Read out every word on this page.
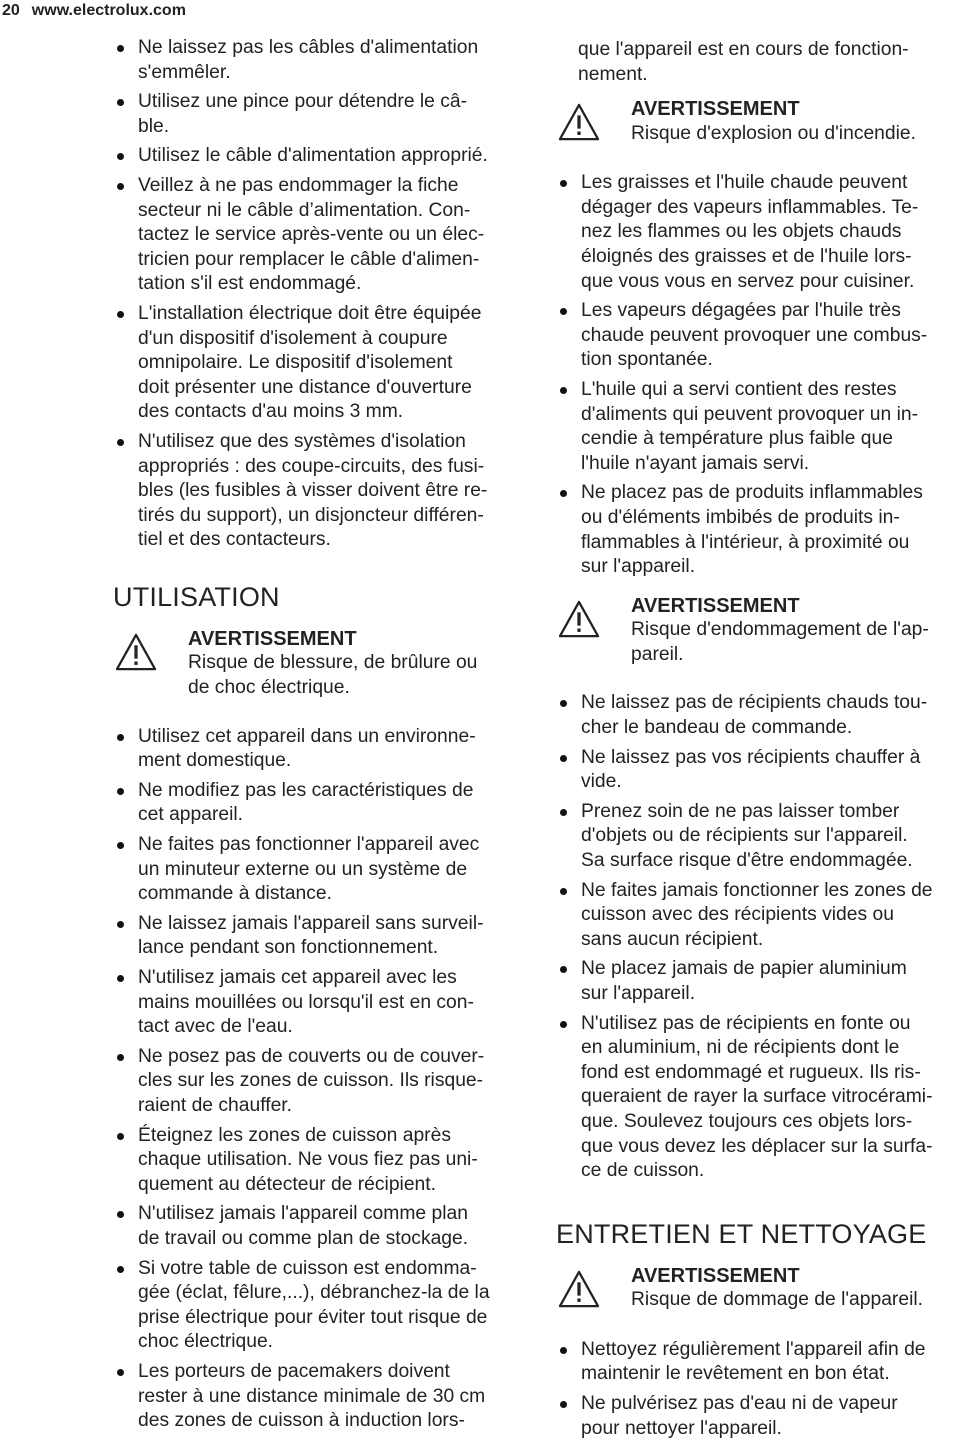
20 www.electrolux.com
Ne laissez pas les câbles d'alimentation
s'emmêler.
Utilisez une pince pour détendre le câ-
ble.
Utilisez le câble d'alimentation approprié.
Veillez à ne pas endommager la fiche
secteur ni le câble d’alimentation. Con-
tactez le service après-vente ou un élec-
tricien pour remplacer le câble d'alimen-
tation s'il est endommagé.
L'installation électrique doit être équipée
d'un dispositif d'isolement à coupure
omnipolaire. Le dispositif d'isolement
doit présenter une distance d'ouverture
des contacts d'au moins 3 mm.
N'utilisez que des systèmes d'isolation
appropriés : des coupe-circuits, des fusi-
bles (les fusibles à visser doivent être re-
tirés du support), un disjoncteur différen-
tiel et des contacteurs.
UTILISATION
AVERTISSEMENT
Risque de blessure, de brûlure ou
de choc électrique.
Utilisez cet appareil dans un environne-
ment domestique.
Ne modifiez pas les caractéristiques de
cet appareil.
Ne faites pas fonctionner l'appareil avec
un minuteur externe ou un système de
commande à distance.
Ne laissez jamais l'appareil sans surveil-
lance pendant son fonctionnement.
N'utilisez jamais cet appareil avec les
mains mouillées ou lorsqu'il est en con-
tact avec de l'eau.
Ne posez pas de couverts ou de couver-
cles sur les zones de cuisson. Ils risque-
raient de chauffer.
Éteignez les zones de cuisson après
chaque utilisation. Ne vous fiez pas uni-
quement au détecteur de récipient.
N'utilisez jamais l'appareil comme plan
de travail ou comme plan de stockage.
Si votre table de cuisson est endomma-
gée (éclat, fêlure,...), débranchez-la de la
prise électrique pour éviter tout risque de
choc électrique.
Les porteurs de pacemakers doivent
rester à une distance minimale de 30 cm
des zones de cuisson à induction lors-
que l'appareil est en cours de fonction-
nement.
AVERTISSEMENT
Risque d'explosion ou d'incendie.
Les graisses et l'huile chaude peuvent
dégager des vapeurs inflammables. Te-
nez les flammes ou les objets chauds
éloignés des graisses et de l'huile lors-
que vous vous en servez pour cuisiner.
Les vapeurs dégagées par l'huile très
chaude peuvent provoquer une combus-
tion spontanée.
L'huile qui a servi contient des restes
d'aliments qui peuvent provoquer un in-
cendie à température plus faible que
l'huile n'ayant jamais servi.
Ne placez pas de produits inflammables
ou d'éléments imbibés de produits in-
flammables à l'intérieur, à proximité ou
sur l'appareil.
AVERTISSEMENT
Risque d'endommagement de l'ap-
pareil.
Ne laissez pas de récipients chauds tou-
cher le bandeau de commande.
Ne laissez pas vos récipients chauffer à
vide.
Prenez soin de ne pas laisser tomber
d'objets ou de récipients sur l'appareil.
Sa surface risque d'être endommagée.
Ne faites jamais fonctionner les zones de
cuisson avec des récipients vides ou
sans aucun récipient.
Ne placez jamais de papier aluminium
sur l'appareil.
N'utilisez pas de récipients en fonte ou
en aluminium, ni de récipients dont le
fond est endommagé et rugueux. Ils ris-
queraient de rayer la surface vitrocérami-
que. Soulevez toujours ces objets lors-
que vous devez les déplacer sur la surfa-
ce de cuisson.
ENTRETIEN ET NETTOYAGE
AVERTISSEMENT
Risque de dommage de l'appareil.
Nettoyez régulièrement l'appareil afin de
maintenir le revêtement en bon état.
Ne pulvérisez pas d'eau ni de vapeur
pour nettoyer l'appareil.
